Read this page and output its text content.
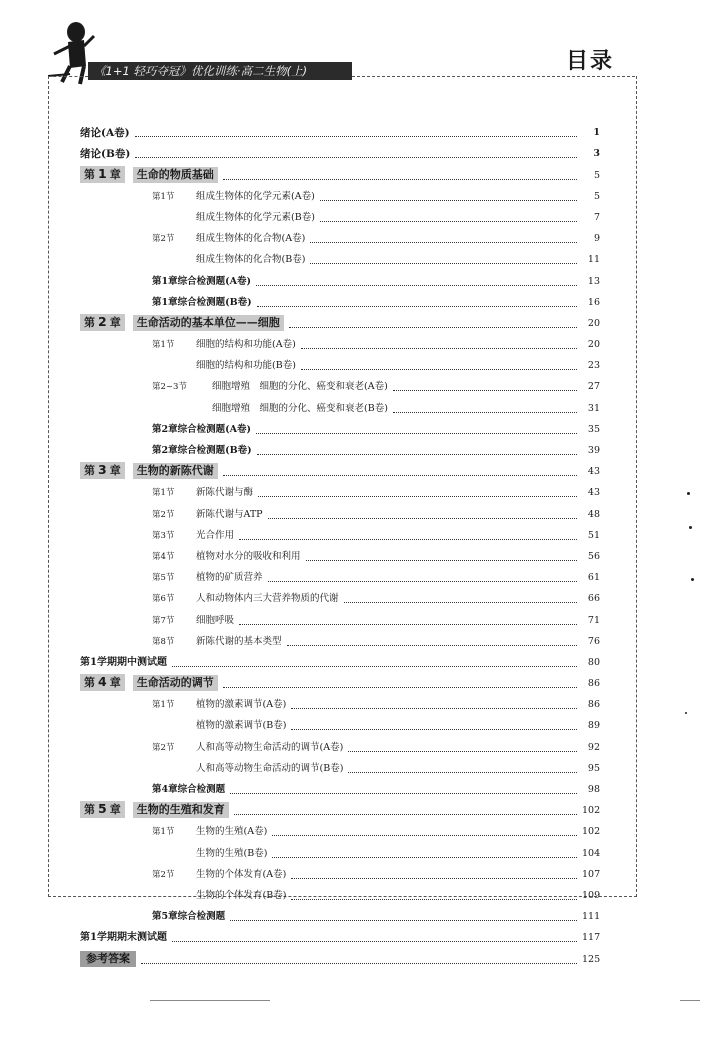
《1+1 轻巧夺冠》优化训练·高二生物(上)	目录
绪论(A卷)	1
绪论(B卷)	3
第 1 章	生命的物质基础	5
第1节	组成生物体的化学元素(A卷)	5
组成生物体的化学元素(B卷)	7
第2节	组成生物体的化合物(A卷)	9
组成生物体的化合物(B卷)	11
第1章综合检测题(A卷)	13
第1章综合检测题(B卷)	16
第 2 章	生命活动的基本单位——细胞	20
第1节	细胞的结构和功能(A卷)	20
细胞的结构和功能(B卷)	23
第2~3节	细胞增殖　细胞的分化、癌变和衰老(A卷)	27
细胞增殖　细胞的分化、癌变和衰老(B卷)	31
第2章综合检测题(A卷)	35
第2章综合检测题(B卷)	39
第 3 章	生物的新陈代谢	43
第1节	新陈代谢与酶	43
第2节	新陈代谢与ATP	48
第3节	光合作用	51
第4节	植物对水分的吸收和利用	56
第5节	植物的矿质营养	61
第6节	人和动物体内三大营养物质的代谢	66
第7节	细胞呼吸	71
第8节	新陈代谢的基本类型	76
第1学期期中测试题	80
第 4 章	生命活动的调节	86
第1节	植物的激素调节(A卷)	86
植物的激素调节(B卷)	89
第2节	人和高等动物生命活动的调节(A卷)	92
人和高等动物生命活动的调节(B卷)	95
第4章综合检测题	98
第 5 章	生物的生殖和发育	102
第1节	生物的生殖(A卷)	102
生物的生殖(B卷)	104
第2节	生物的个体发育(A卷)	107
生物的个体发育(B卷)	109
第5章综合检测题	111
第1学期期末测试题	117
参考答案	125
